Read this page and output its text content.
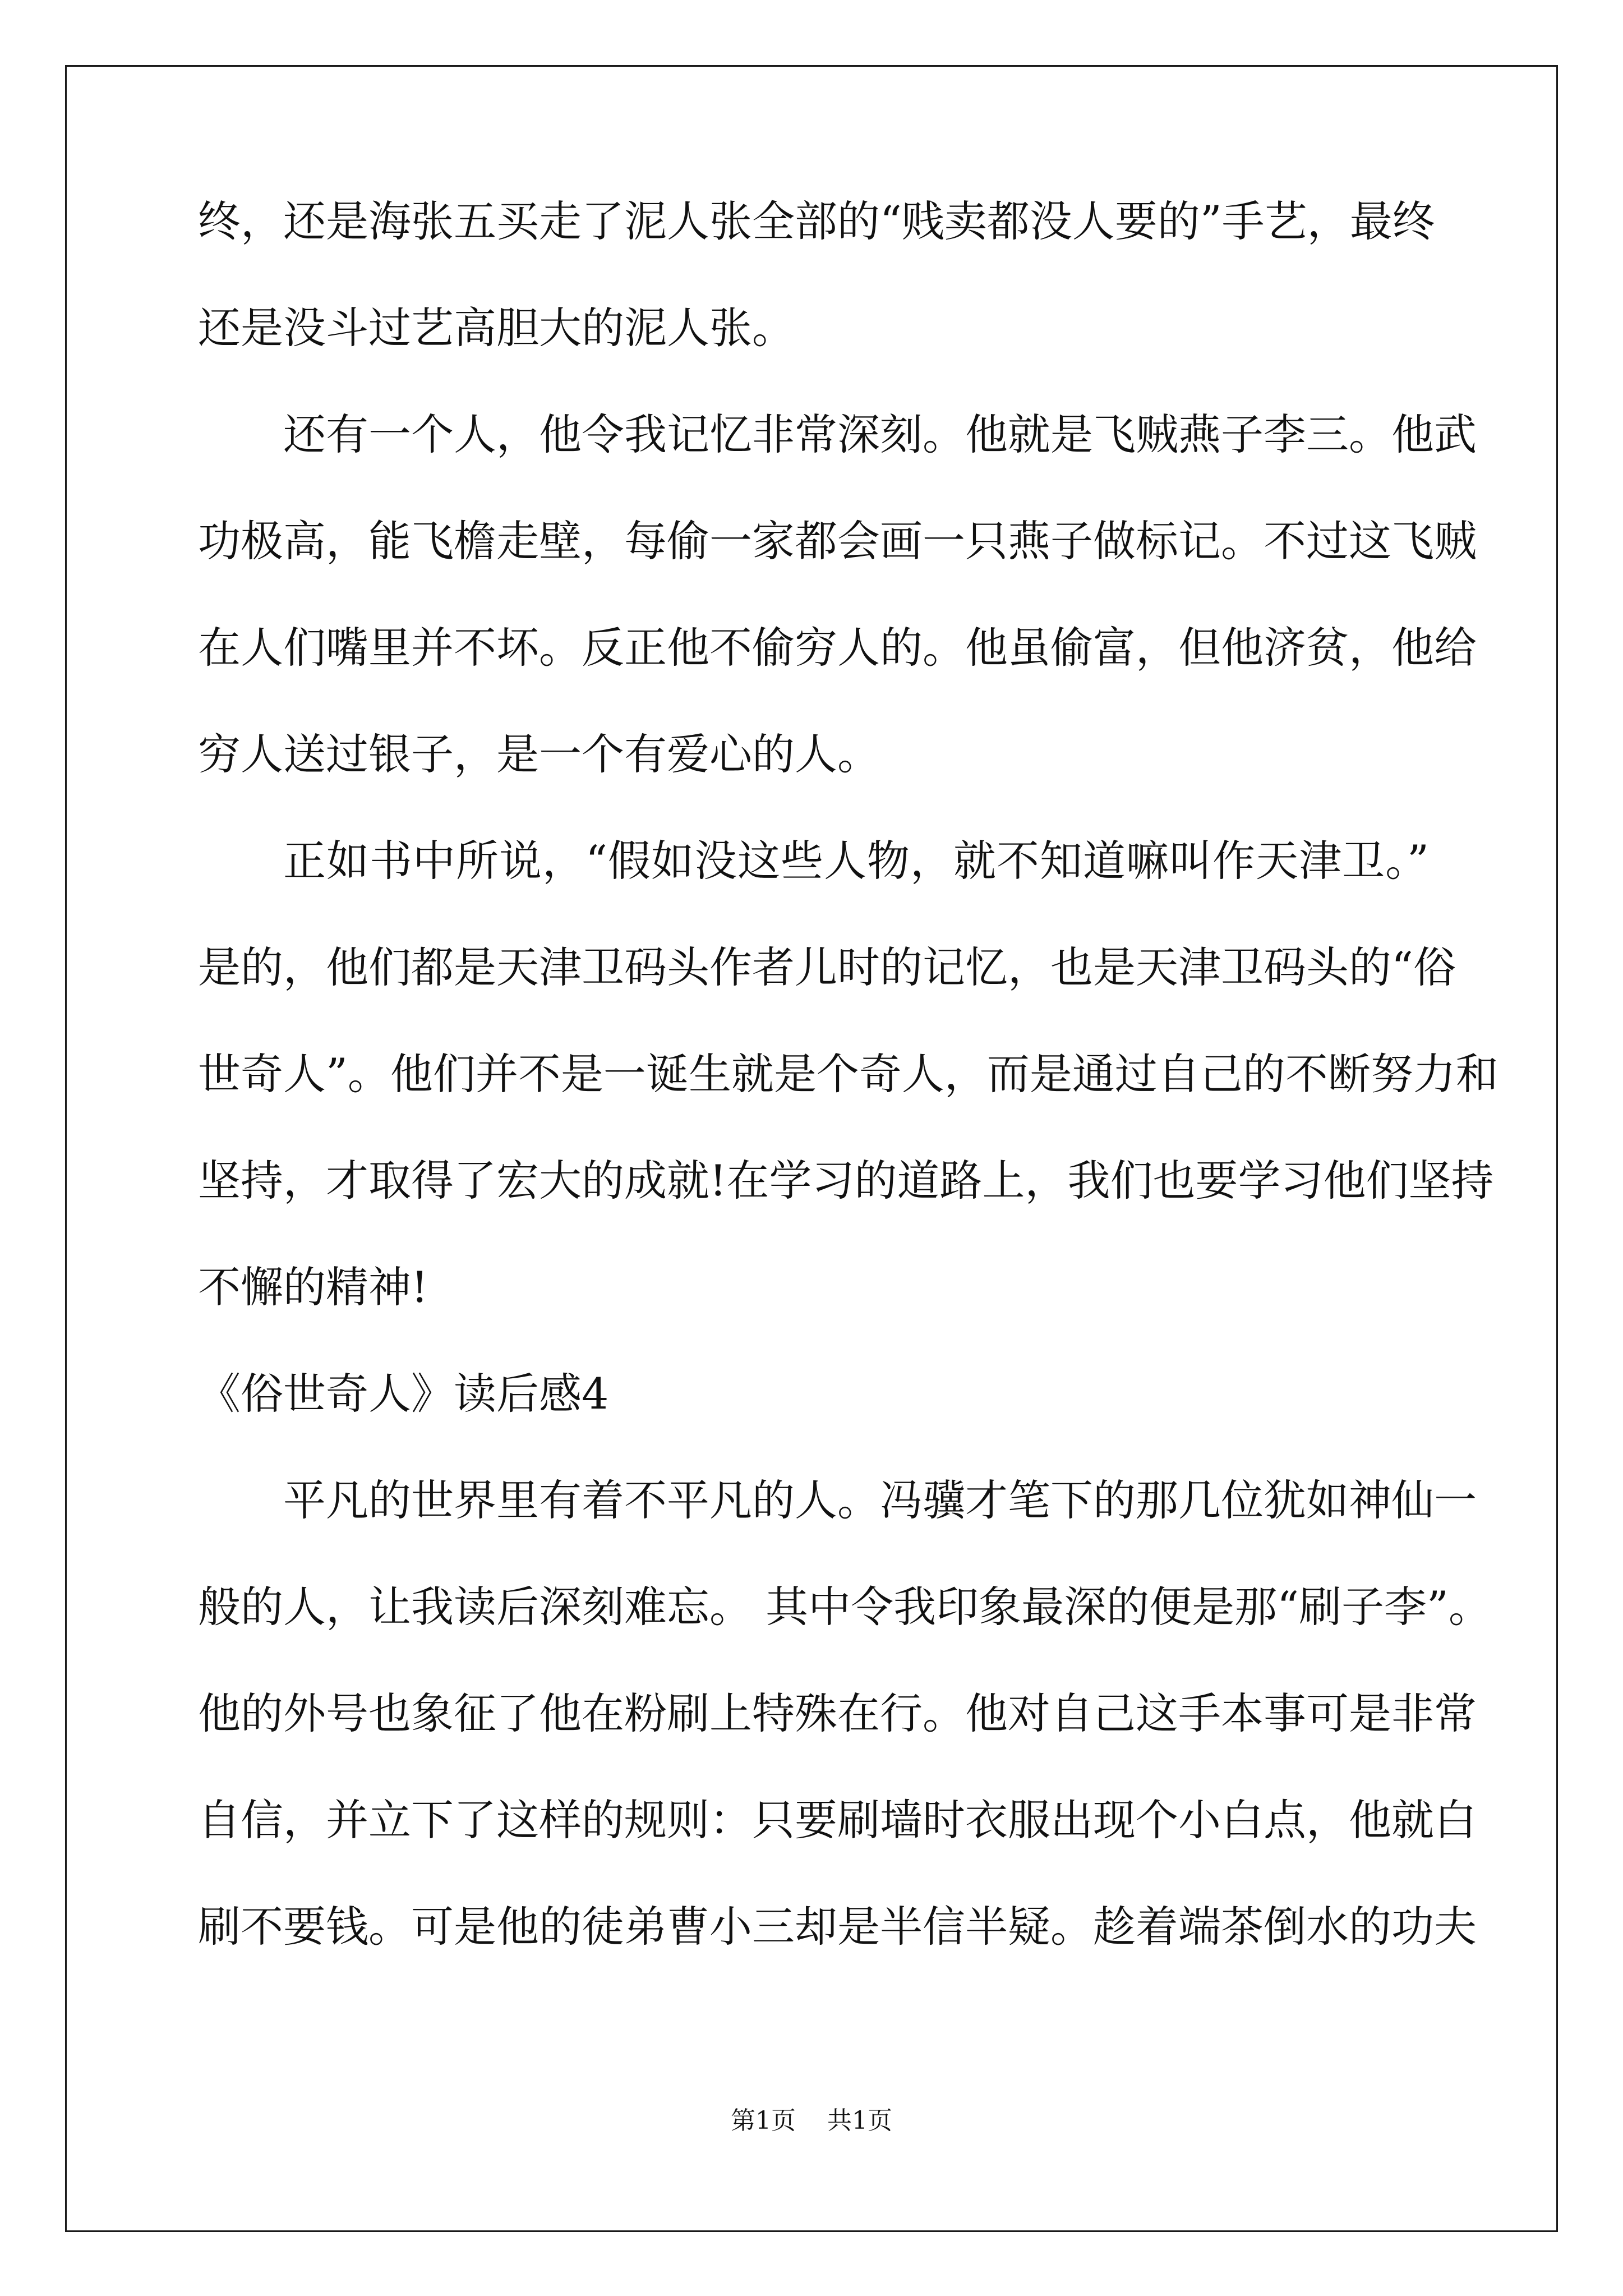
终，还是海张五买走了泥人张全部的“贱卖都没人要的”手艺，最终
还是没斗过艺高胆大的泥人张。
还有一个人，他令我记忆非常深刻。他就是飞贼燕子李三。他武
功极高，能飞檐走壁，每偷一家都会画一只燕子做标记。不过这飞贼
在人们嘴里并不坏。反正他不偷穷人的。他虽偷富，但他济贫，他给
穷人送过银子，是一个有爱心的人。
正如书中所说，“假如没这些人物，就不知道嘛叫作天津卫。”
是的，他们都是天津卫码头作者儿时的记忆，也是天津卫码头的“俗
世奇人”。他们并不是一诞生就是个奇人，而是通过自己的不断努力和
坚持，才取得了宏大的成就!在学习的道路上，我们也要学习他们坚持
不懈的精神!
《俗世奇人》读后感4
平凡的世界里有着不平凡的人。冯骥才笔下的那几位犹如神仙一
般的人，让我读后深刻难忘。 其中令我印象最深的便是那“刷子李”。
他的外号也象征了他在粉刷上特殊在行。他对自己这手本事可是非常
自信，并立下了这样的规则：只要刷墙时衣服出现个小白点，他就白
刷不要钱。可是他的徒弟曹小三却是半信半疑。趁着端茶倒水的功夫
第1页    共1页
